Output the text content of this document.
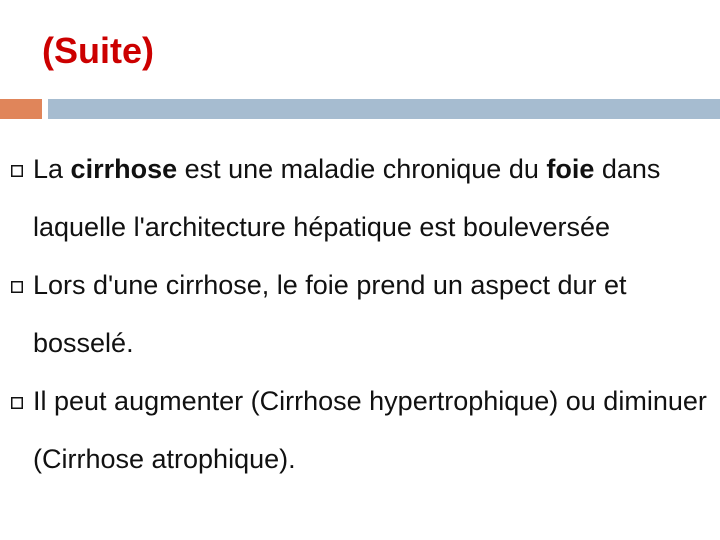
(Suite)

La cirrhose est une maladie chronique du foie dans laquelle l'architecture hépatique est bouleversée

Lors d'une cirrhose, le foie prend un aspect dur et bosselé.

Il peut augmenter (Cirrhose hypertrophique) ou diminuer (Cirrhose atrophique).
